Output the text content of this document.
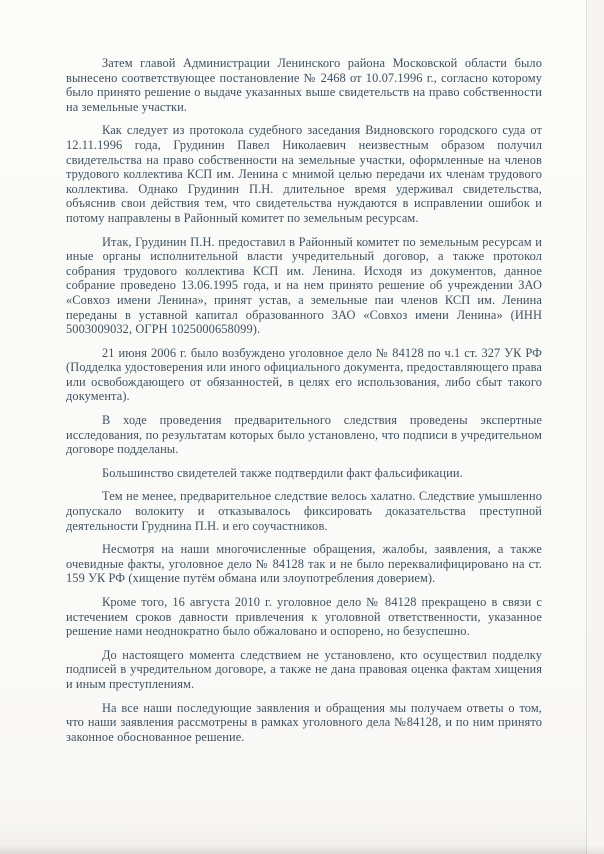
Затем главой Администрации Ленинского района Московской области было вынесено соответствующее постановление № 2468 от 10.07.1996 г., согласно которому было принято решение о выдаче указанных выше свидетельств на право собственности на земельные участки.

Как следует из протокола судебного заседания Видновского городского суда от 12.11.1996 года, Грудинин Павел Николаевич неизвестным образом получил свидетельства на право собственности на земельные участки, оформленные на членов трудового коллектива КСП им. Ленина с мнимой целью передачи их членам трудового коллектива. Однако Грудинин П.Н. длительное время удерживал свидетельства, объяснив свои действия тем, что свидетельства нуждаются в исправлении ошибок и потому направлены в Районный комитет по земельным ресурсам.

Итак, Грудинин П.Н. предоставил в Районный комитет по земельным ресурсам и иные органы исполнительной власти учредительный договор, а также протокол собрания трудового коллектива КСП им. Ленина. Исходя из документов, данное собрание проведено 13.06.1995 года, и на нем принято решение об учреждении ЗАО «Совхоз имени Ленина», принят устав, а земельные паи членов КСП им. Ленина переданы в уставной капитал образованного ЗАО «Совхоз имени Ленина» (ИНН 5003009032, ОГРН 1025000658099).

21 июня 2006 г. было возбуждено уголовное дело № 84128 по ч.1 ст. 327 УК РФ (Подделка удостоверения или иного официального документа, предоставляющего права или освобождающего от обязанностей, в целях его использования, либо сбыт такого документа).

В ходе проведения предварительного следствия проведены экспертные исследования, по результатам которых было установлено, что подписи в учредительном договоре подделаны.

Большинство свидетелей также подтвердили факт фальсификации.

Тем не менее, предварительное следствие велось халатно. Следствие умышленно допускало волокиту и отказывалось фиксировать доказательства преступной деятельности Груднина П.Н. и его соучастников.

Несмотря на наши многочисленные обращения, жалобы, заявления, а также очевидные факты, уголовное дело № 84128 так и не было переквалифицировано на ст. 159 УК РФ (хищение путём обмана или злоупотребления доверием).

Кроме того, 16 августа 2010 г. уголовное дело № 84128 прекращено в связи с истечением сроков давности привлечения к уголовной ответственности, указанное решение нами неоднократно было обжаловано и оспорено, но безуспешно.

До настоящего момента следствием не установлено, кто осуществил подделку подписей в учредительном договоре, а также не дана правовая оценка фактам хищения и иным преступлениям.

На все наши последующие заявления и обращения мы получаем ответы о том, что наши заявления рассмотрены в рамках уголовного дела №84128, и по ним принято законное обоснованное решение.
